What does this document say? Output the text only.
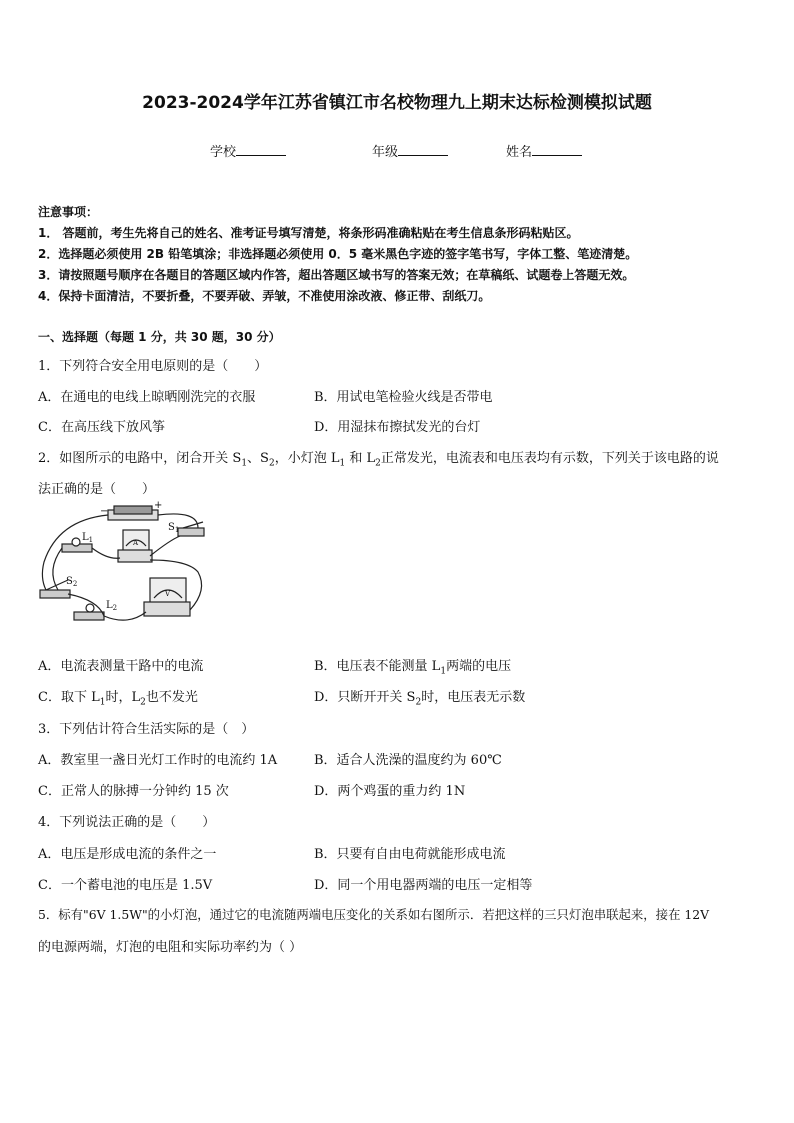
2023-2024学年江苏省镇江市名校物理九上期末达标检测模拟试题
学校	年级	姓名
注意事项：
1． 答题前，考生先将自己的姓名、准考证号填写清楚，将条形码准确粘贴在考生信息条形码粘贴区。
2．选择题必须使用 2B 铅笔填涂；非选择题必须使用 0．5 毫米黑色字迹的签字笔书写，字体工整、笔迹清楚。
3．请按照题号顺序在各题目的答题区域内作答，超出答题区域书写的答案无效；在草稿纸、试题卷上答题无效。
4．保持卡面清洁，不要折叠，不要弄破、弄皱，不准使用涂改液、修正带、刮纸刀。
一、选择题（每题 1 分，共 30 题，30 分）
1．下列符合安全用电原则的是（　　）
A．在通电的电线上晾晒刚洗完的衣服	B．用试电笔检验火线是否带电
C．在高压线下放风筝	D．用湿抹布擦拭发光的台灯
2．如图所示的电路中，闭合开关 $S_1$、$S_2$，小灯泡 $L_1$ 和 $L_2$正常发光，电流表和电压表均有示数，下列关于该电路的说
法正确的是（　　）
−
+
$S_1$
$L_1$
$S_2$
$L_2$
A
V
A．电流表测量干路中的电流	B．电压表不能测量 $L_1$两端的电压
C．取下 $L_1$时，$L_2$也不发光	D．只断开开关 $S_2$时，电压表无示数
3．下列估计符合生活实际的是（　）
A．教室里一盏日光灯工作时的电流约 1A	B．适合人洗澡的温度约为 60℃
C．正常人的脉搏一分钟约 15 次	D．两个鸡蛋的重力约 1N
4．下列说法正确的是（　　）
A．电压是形成电流的条件之一	B．只要有自由电荷就能形成电流
C．一个蓄电池的电压是 1.5V	D．同一个用电器两端的电压一定相等
5．标有"6V 1.5W"的小灯泡，通过它的电流随两端电压变化的关系如右图所示．若把这样的三只灯泡串联起来，接在 12V
的电源两端，灯泡的电阻和实际功率约为（ ）
